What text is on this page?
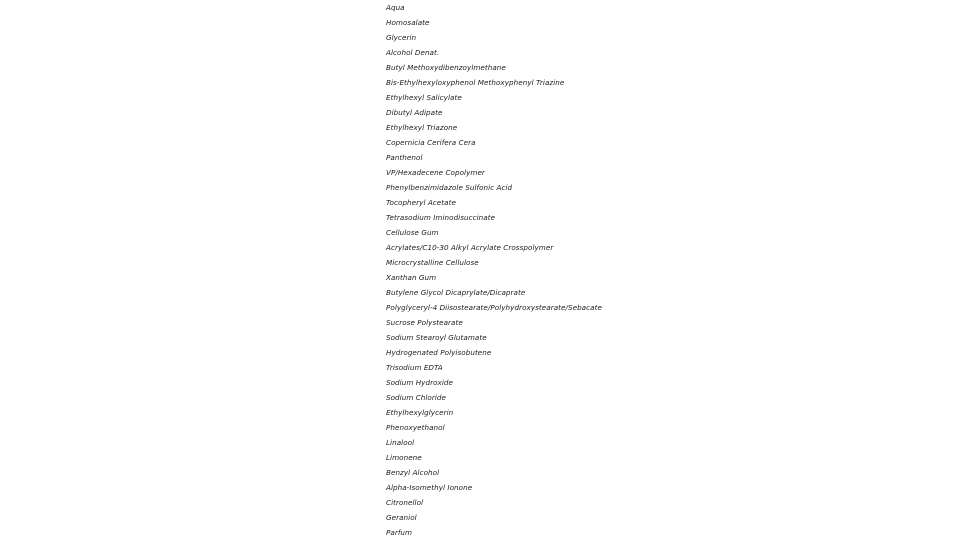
Aqua
Homosalate
Glycerin
Alcohol Denat.
Butyl Methoxydibenzoylmethane
Bis-Ethylhexyloxyphenol Methoxyphenyl Triazine
Ethylhexyl Salicylate
Dibutyl Adipate
Ethylhexyl Triazone
Copernicia Cerifera Cera
Panthenol
VP/Hexadecene Copolymer
Phenylbenzimidazole Sulfonic Acid
Tocopheryl Acetate
Tetrasodium Iminodisuccinate
Cellulose Gum
Acrylates/C10-30 Alkyl Acrylate Crosspolymer
Microcrystalline Cellulose
Xanthan Gum
Butylene Glycol Dicaprylate/Dicaprate
Polyglyceryl-4 Diisostearate/Polyhydroxystearate/Sebacate
Sucrose Polystearate
Sodium Stearoyl Glutamate
Hydrogenated Polyisobutene
Trisodium EDTA
Sodium Hydroxide
Sodium Chloride
Ethylhexylglycerin
Phenoxyethanol
Linalool
Limonene
Benzyl Alcohol
Alpha-Isomethyl Ionone
Citronellol
Geraniol
Parfum
